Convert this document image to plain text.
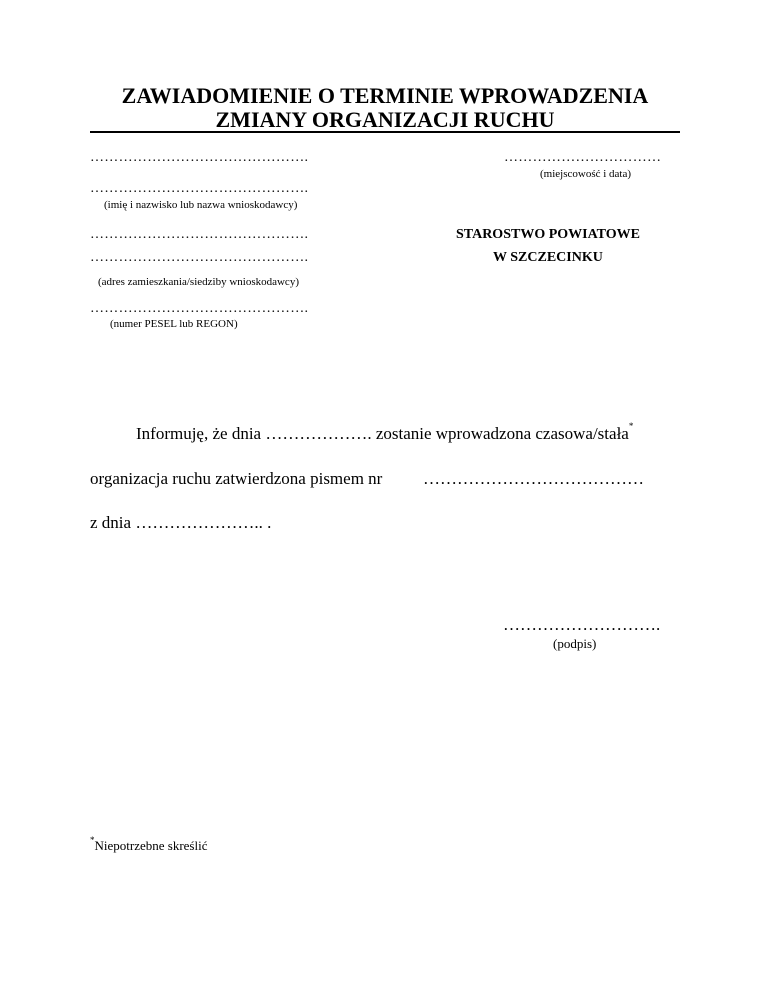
ZAWIADOMIENIE O TERMINIE WPROWADZENIA
ZMIANY ORGANIZACJI RUCHU
……………………………………….
……………………………………….
(imię i nazwisko lub nazwa wnioskodawcy)
……………………………………….
……………………………………….
(adres zamieszkania/siedziby wnioskodawcy)
……………………………………….
(numer PESEL lub REGON)
……………………………
(miejscowość i data)
STAROSTWO POWIATOWE
W SZCZECINKU
Informuję, że dnia ………………. zostanie wprowadzona czasowa/stała*
organizacja ruchu zatwierdzona pismem nr …………………………………
z dnia ………………….. .
……………………….
(podpis)
*Niepotrzebne skreślić
